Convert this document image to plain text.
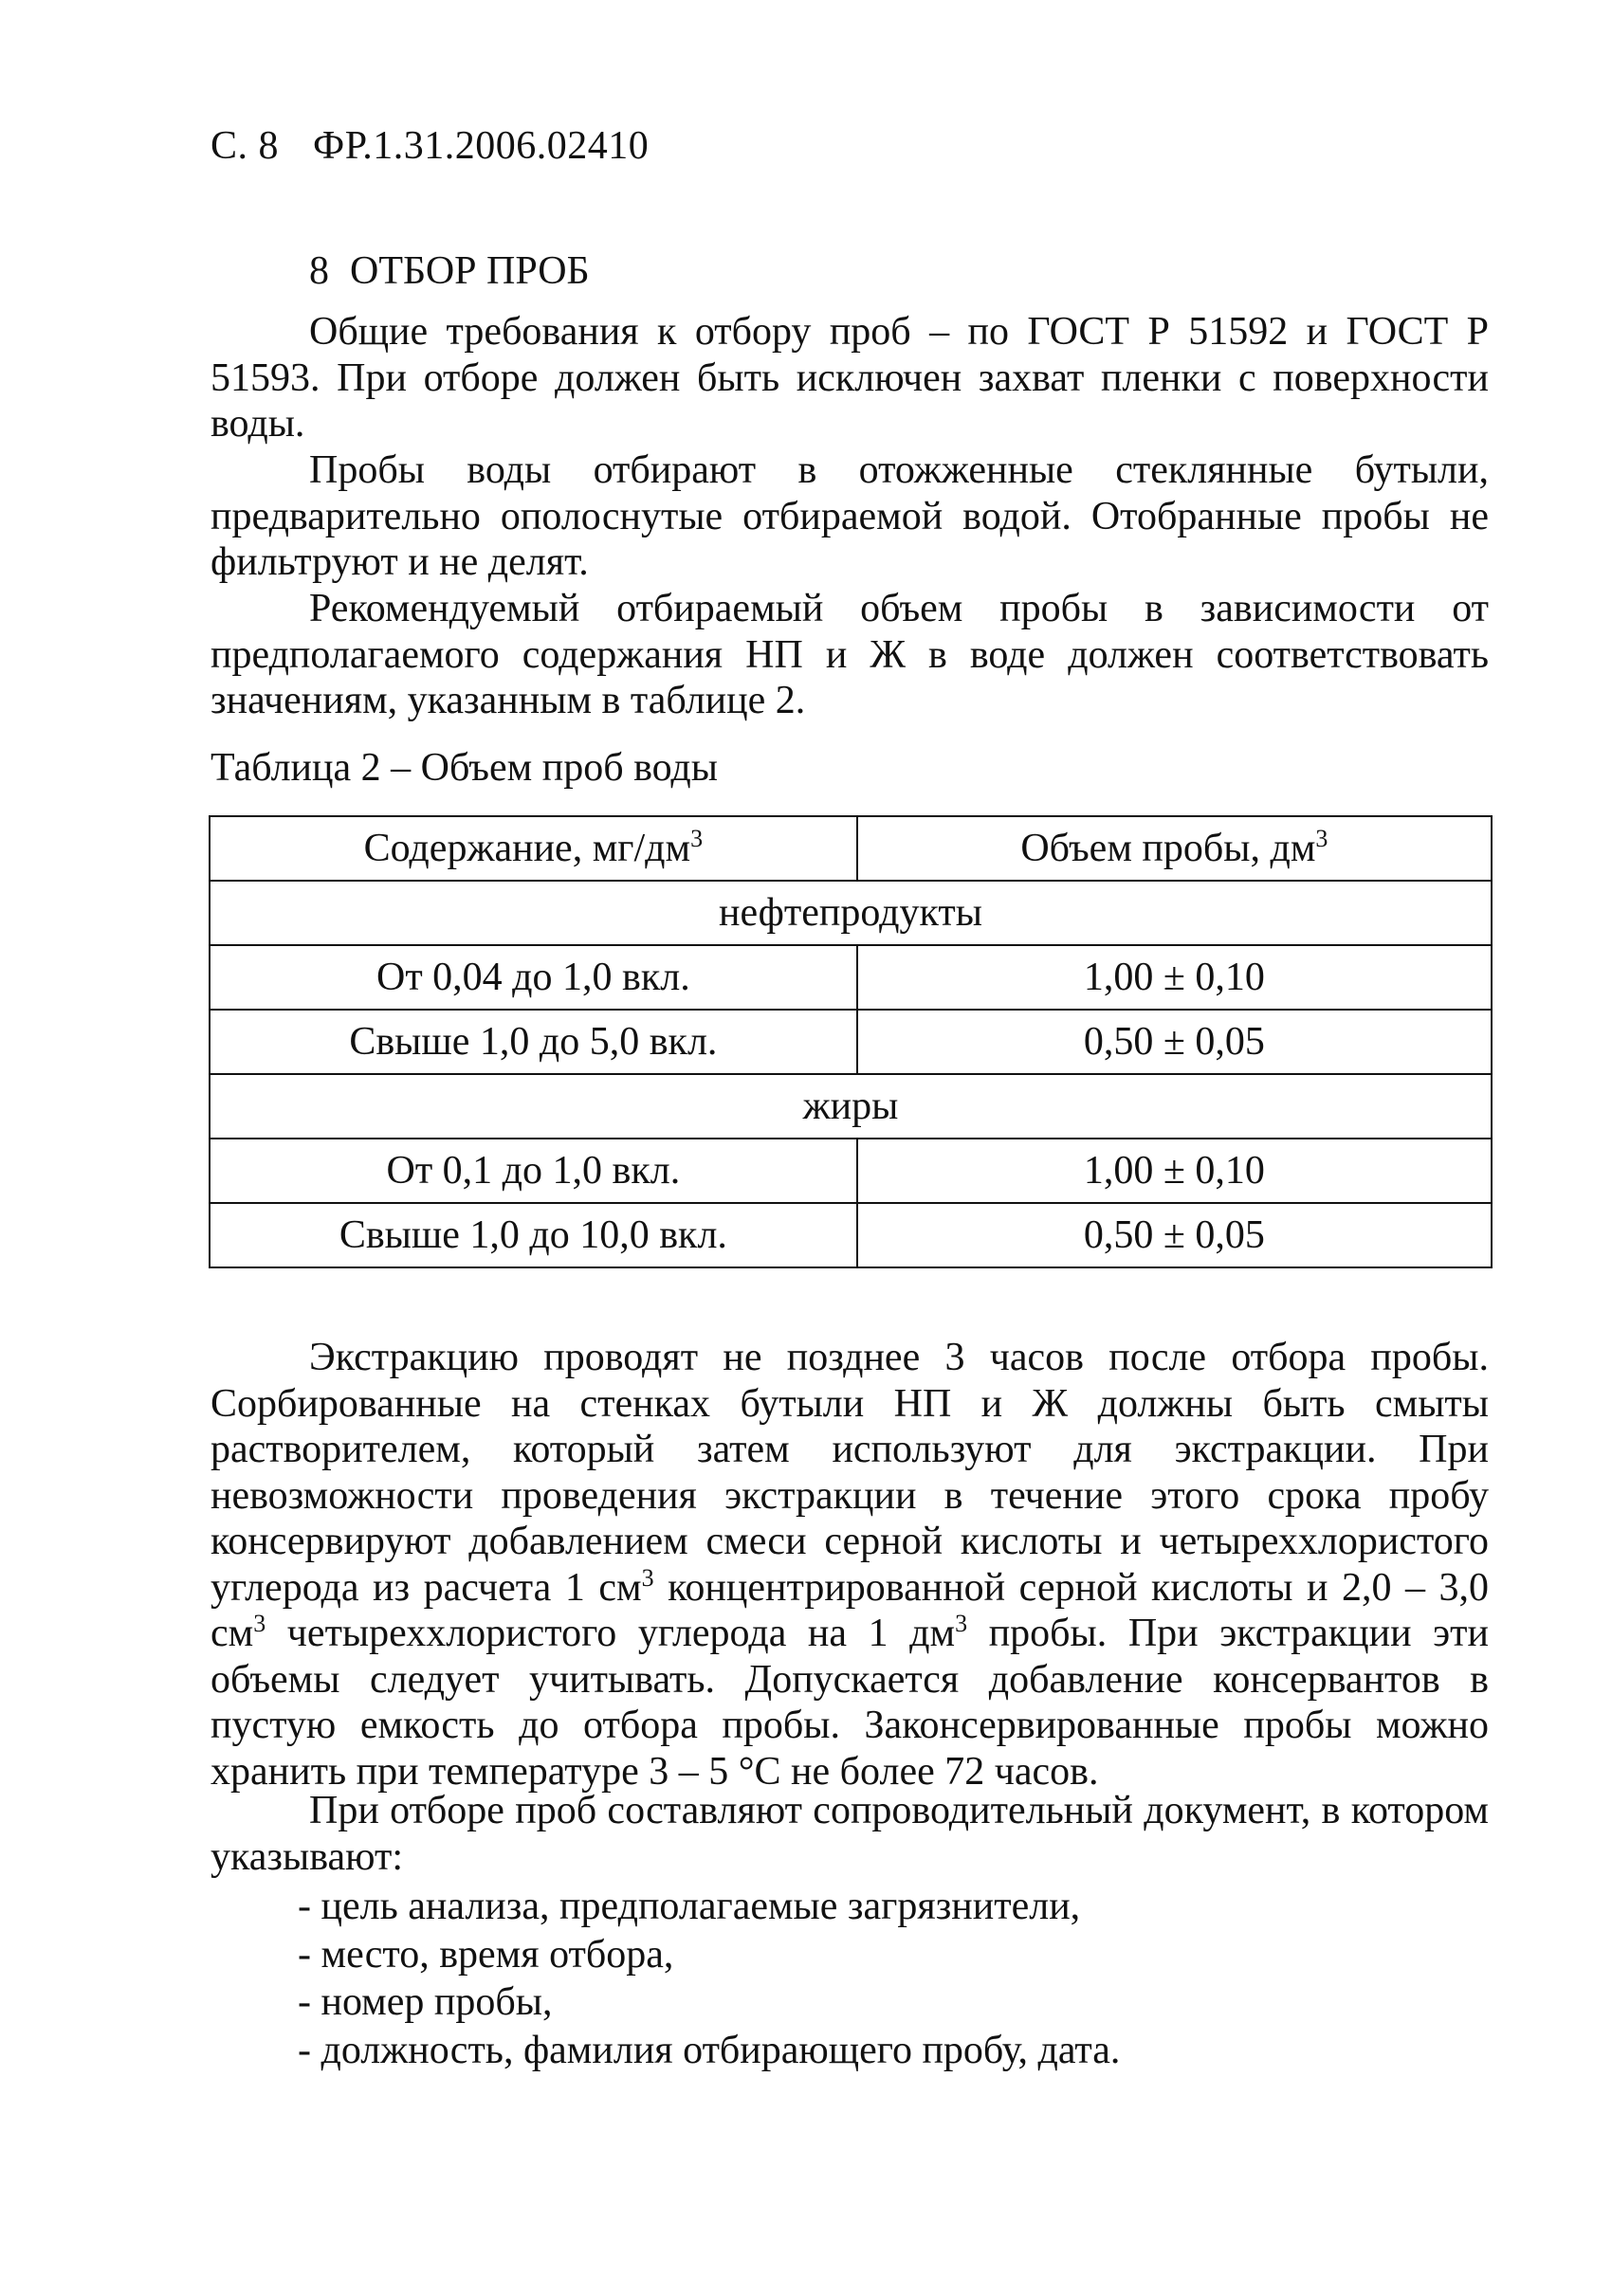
С. 8 ФР.1.31.2006.02410
8 ОТБОР ПРОБ

Общие требования к отбору проб – по ГОСТ Р 51592 и ГОСТ Р 51593. При отборе должен быть исключен захват пленки с поверхности воды.

Пробы воды отбирают в отожженные стеклянные бутыли, предварительно ополоснутые отбираемой водой. Отобранные пробы не фильтруют и не делят.

Рекомендуемый отбираемый объем пробы в зависимости от предполагаемого содержания НП и Ж в воде должен соответствовать значениям, указанным в таблице 2.

Таблица 2 – Объем проб воды
Содержание, $мг/дм^3$	Объем пробы, $дм^3$
нефтепродукты	
От 0,04 до 1,0 вкл.	1,00 ± 0,10
Свыше 1,0 до 5,0 вкл.	0,50 ± 0,05
жиры	
От 0,1 до 1,0 вкл.	1,00 ± 0,10
Свыше 1,0 до 10,0 вкл.	0,50 ± 0,05

Экстракцию проводят не позднее 3 часов после отбора пробы. Сорбированные на стенках бутыли НП и Ж должны быть смыты растворителем, который затем используют для экстракции. При невозможности проведения экстракции в течение этого срока пробу консервируют добавлением смеси серной кислоты и четыреххлористого углерода из расчета 1 $см^3$ концентрированной серной кислоты и 2,0 – 3,0 $см^3$ четыреххлористого углерода на 1 $дм^3$ пробы. При экстракции эти объемы следует учитывать. Допускается добавление консервантов в пустую емкость до отбора пробы. Законсервированные пробы можно хранить при температуре 3 – 5 °С не более 72 часов.

При отборе проб составляют сопроводительный документ, в котором указывают:

- цель анализа, предполагаемые загрязнители,
- место, время отбора,
- номер пробы,
- должность, фамилия отбирающего пробу, дата.
